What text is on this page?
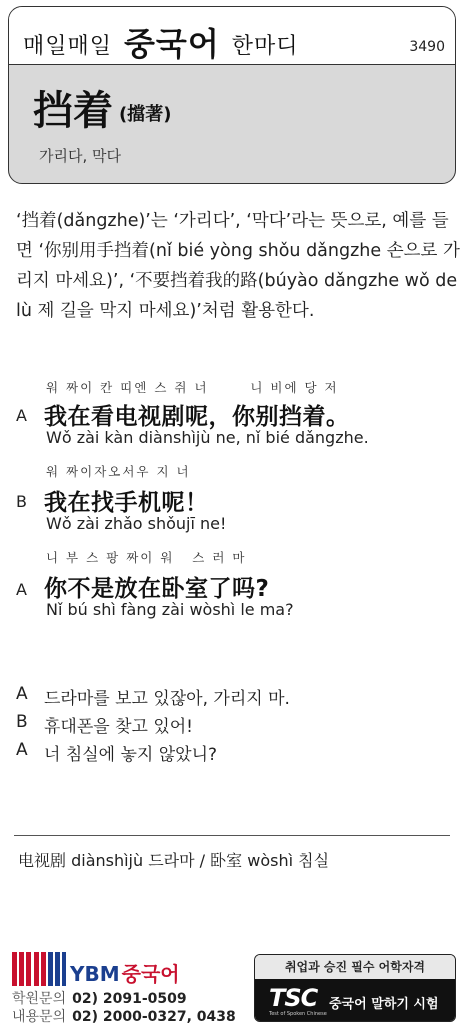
매일매일 중국어 한마디	3490
挡着 (擋著)
가리다, 막다

‘挡着(dǎngzhe)’는 ‘가리다’, ‘막다’라는 뜻으로, 예를 들

면 ‘你别用手挡着(nǐ bié yòng shǒu dǎngzhe 손으로 가

리지 마세요)’, ‘不要挡着我的路(búyào dǎngzhe wǒ de

lù 제 길을 막지 마세요)’처럼 활용한다.

워 짜이 칸 띠엔 스 쥐 너       니 비에 당 저
A 我在看电视剧呢，你别挡着。
Wǒ zài kàn diànshìjù ne, nǐ bié dǎngzhe.
워 짜이자오서우 지 너
B 我在找手机呢！
Wǒ zài zhǎo shǒujī ne!
니 부 스 팡 짜이 워   스 러 마
A 你不是放在卧室了吗?
Nǐ bú shì fàng zài wòshì le ma?
A 드라마를 보고 있잖아, 가리지 마.
B 휴대폰을 찾고 있어!
A 너 침실에 놓지 않았니?
电视剧 diànshìjù 드라마 / 卧室 wòshì 침실
YBM 중국어
학원문의 02) 2091-0509
내용문의 02) 2000-0327, 0438
취업과 승진 필수 어학자격
TSC
Test of Spoken Chinese
중국어 말하기 시험
